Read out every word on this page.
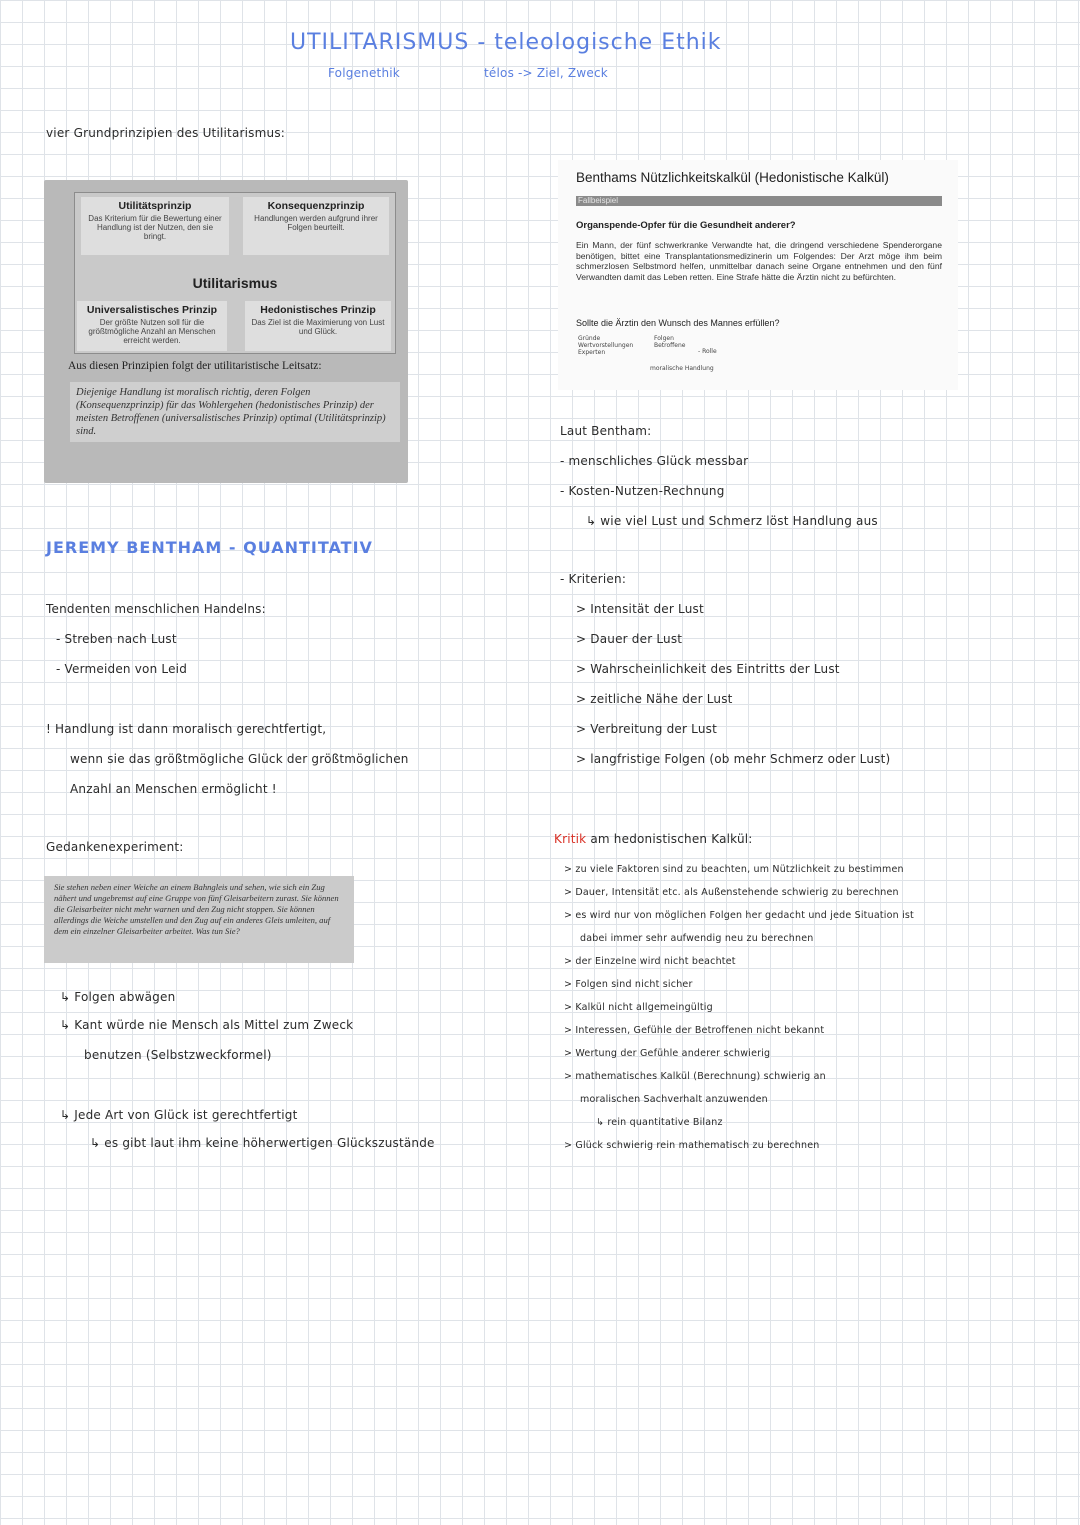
UTILITARISMUS - teleologische Ethik
Folgenethik	télos -> Ziel, Zweck
vier Grundprinzipien des Utilitarismus:
Utilitätsprinzip

Das Kriterium für die Bewertung einer Handlung ist der Nutzen, den sie bringt.

Konsequenzprinzip

Handlungen werden aufgrund ihrer Folgen beurteilt.

Utilitarismus
Universalistisches Prinzip

Der größte Nutzen soll für die größtmögliche Anzahl an Menschen erreicht werden.

Hedonistisches Prinzip

Das Ziel ist die Maximierung von Lust und Glück.

Aus diesen Prinzipien folgt der utilitaristische Leitsatz:
Diejenige Handlung ist moralisch richtig, deren Folgen (Konsequenzprinzip) für das Wohlergehen (hedonistisches Prinzip) der meisten Betroffenen (universalistisches Prinzip) optimal (Utilitätsprinzip) sind.
JEREMY BENTHAM - QUANTITATIV
Tendenten menschlichen Handelns:
- Streben nach Lust
- Vermeiden von Leid
! Handlung ist dann moralisch gerechtfertigt,
wenn sie das größtmögliche Glück der größtmöglichen
Anzahl an Menschen ermöglicht !
Gedankenexperiment:

Sie stehen neben einer Weiche an einem Bahngleis und sehen, wie sich ein Zug nähert und ungebremst auf eine Gruppe von fünf Gleisarbeitern zurast. Sie können die Gleisarbeiter nicht mehr warnen und den Zug nicht stoppen. Sie können allerdings die Weiche umstellen und den Zug auf ein anderes Gleis umleiten, auf dem ein einzelner Gleisarbeiter arbeitet. Was tun Sie?

↳ Folgen abwägen
↳ Kant würde nie Mensch als Mittel zum Zweck
benutzen (Selbstzweckformel)
↳ Jede Art von Glück ist gerechtfertigt
↳ es gibt laut ihm keine höherwertigen Glückszustände
Benthams Nützlichkeitskalkül (Hedonistische Kalkül)
$^{Fallbeispiel}$
Organspende-Opfer für die Gesundheit anderer?
Ein Mann, der fünf schwerkranke Verwandte hat, die dringend verschiedene Spenderorgane benötigen, bittet eine Transplantationsmedizinerin um Folgendes: Der Arzt möge ihm beim schmerzlosen Selbstmord helfen, unmittelbar danach seine Organe entnehmen und den fünf Verwandten damit das Leben retten. Eine Strafe hätte die Ärztin nicht zu befürchten.
Sollte die Ärztin den Wunsch des Mannes erfüllen?
Gründe Wertvorstellungen Experten
Folgen Betroffene
- Rolle
moralische Handlung
Laut Bentham:
- menschliches Glück messbar
- Kosten-Nutzen-Rechnung
↳ wie viel Lust und Schmerz löst Handlung aus
- Kriterien:
> Intensität der Lust
> Dauer der Lust
> Wahrscheinlichkeit des Eintritts der Lust
> zeitliche Nähe der Lust
> Verbreitung der Lust
> langfristige Folgen (ob mehr Schmerz oder Lust)
Kritik am hedonistischen Kalkül:
> zu viele Faktoren sind zu beachten, um Nützlichkeit zu bestimmen
> Dauer, Intensität etc. als Außenstehende schwierig zu berechnen
> es wird nur von möglichen Folgen her gedacht und jede Situation ist
dabei immer sehr aufwendig neu zu berechnen
> der Einzelne wird nicht beachtet
> Folgen sind nicht sicher
> Kalkül nicht allgemeingültig
> Interessen, Gefühle der Betroffenen nicht bekannt
> Wertung der Gefühle anderer schwierig
> mathematisches Kalkül (Berechnung) schwierig an
moralischen Sachverhalt anzuwenden
↳ rein quantitative Bilanz
> Glück schwierig rein mathematisch zu berechnen
